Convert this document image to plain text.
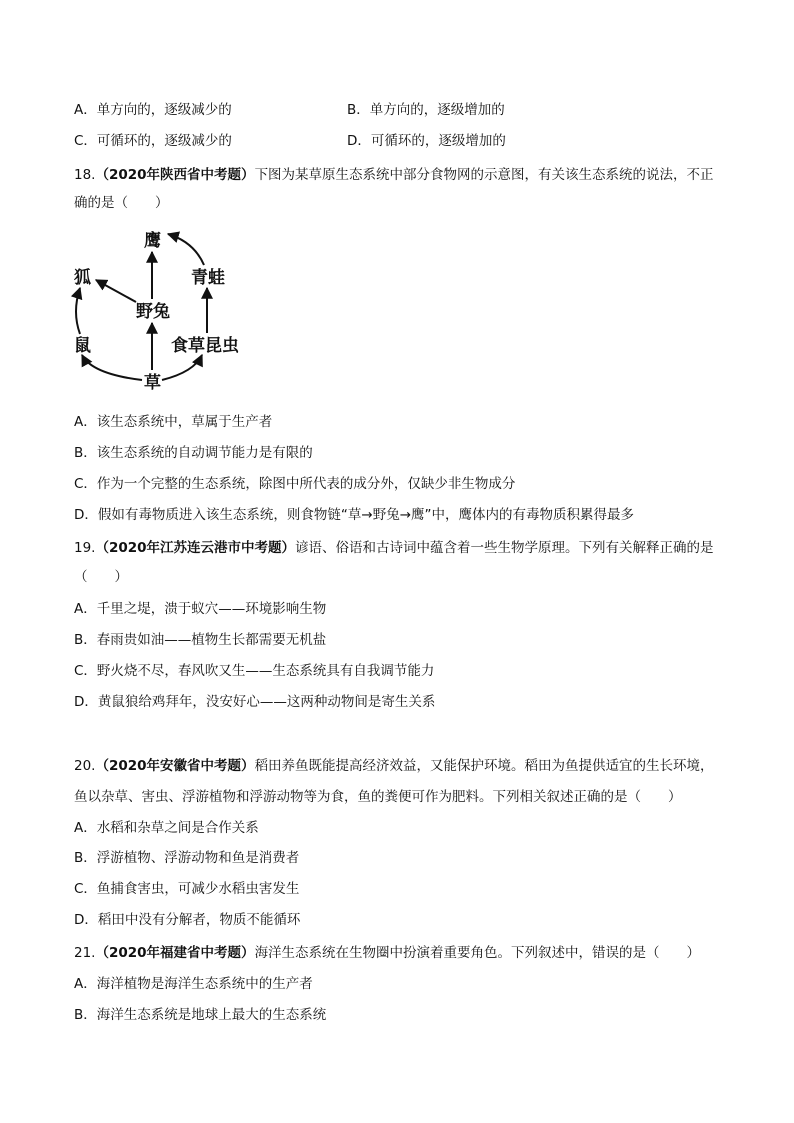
A．单方向的，逐级减少的	B．单方向的，逐级增加的
C．可循环的，逐级减少的	D．可循环的，逐级增加的
18.（2020年陕西省中考题）下图为某草原生态系统中部分食物网的示意图，有关该生态系统的说法，不正
确的是（　　）
鹰
青蛙
狐
野兔
鼠	食草昆虫
草
A．该生态系统中，草属于生产者
B．该生态系统的自动调节能力是有限的
C．作为一个完整的生态系统，除图中所代表的成分外，仅缺少非生物成分
D．假如有毒物质进入该生态系统，则食物链“草→野兔→鹰”中，鹰体内的有毒物质积累得最多
19.（2020年江苏连云港市中考题）谚语、俗语和古诗词中蕴含着一些生物学原理。下列有关解释正确的是
（　　）
A．千里之堤，溃于蚁穴——环境影响生物
B．春雨贵如油——植物生长都需要无机盐
C．野火烧不尽，春风吹又生——生态系统具有自我调节能力
D．黄鼠狼给鸡拜年，没安好心——这两种动物间是寄生关系
20.（2020年安徽省中考题）稻田养鱼既能提高经济效益，又能保护环境。稻田为鱼提供适宜的生长环境，
鱼以杂草、害虫、浮游植物和浮游动物等为食，鱼的粪便可作为肥料。下列相关叙述正确的是（　　）
A．水稻和杂草之间是合作关系
B．浮游植物、浮游动物和鱼是消费者
C．鱼捕食害虫，可减少水稻虫害发生
D．稻田中没有分解者，物质不能循环
21.（2020年福建省中考题）海洋生态系统在生物圈中扮演着重要角色。下列叙述中，错误的是（　　）
A．海洋植物是海洋生态系统中的生产者
B．海洋生态系统是地球上最大的生态系统
